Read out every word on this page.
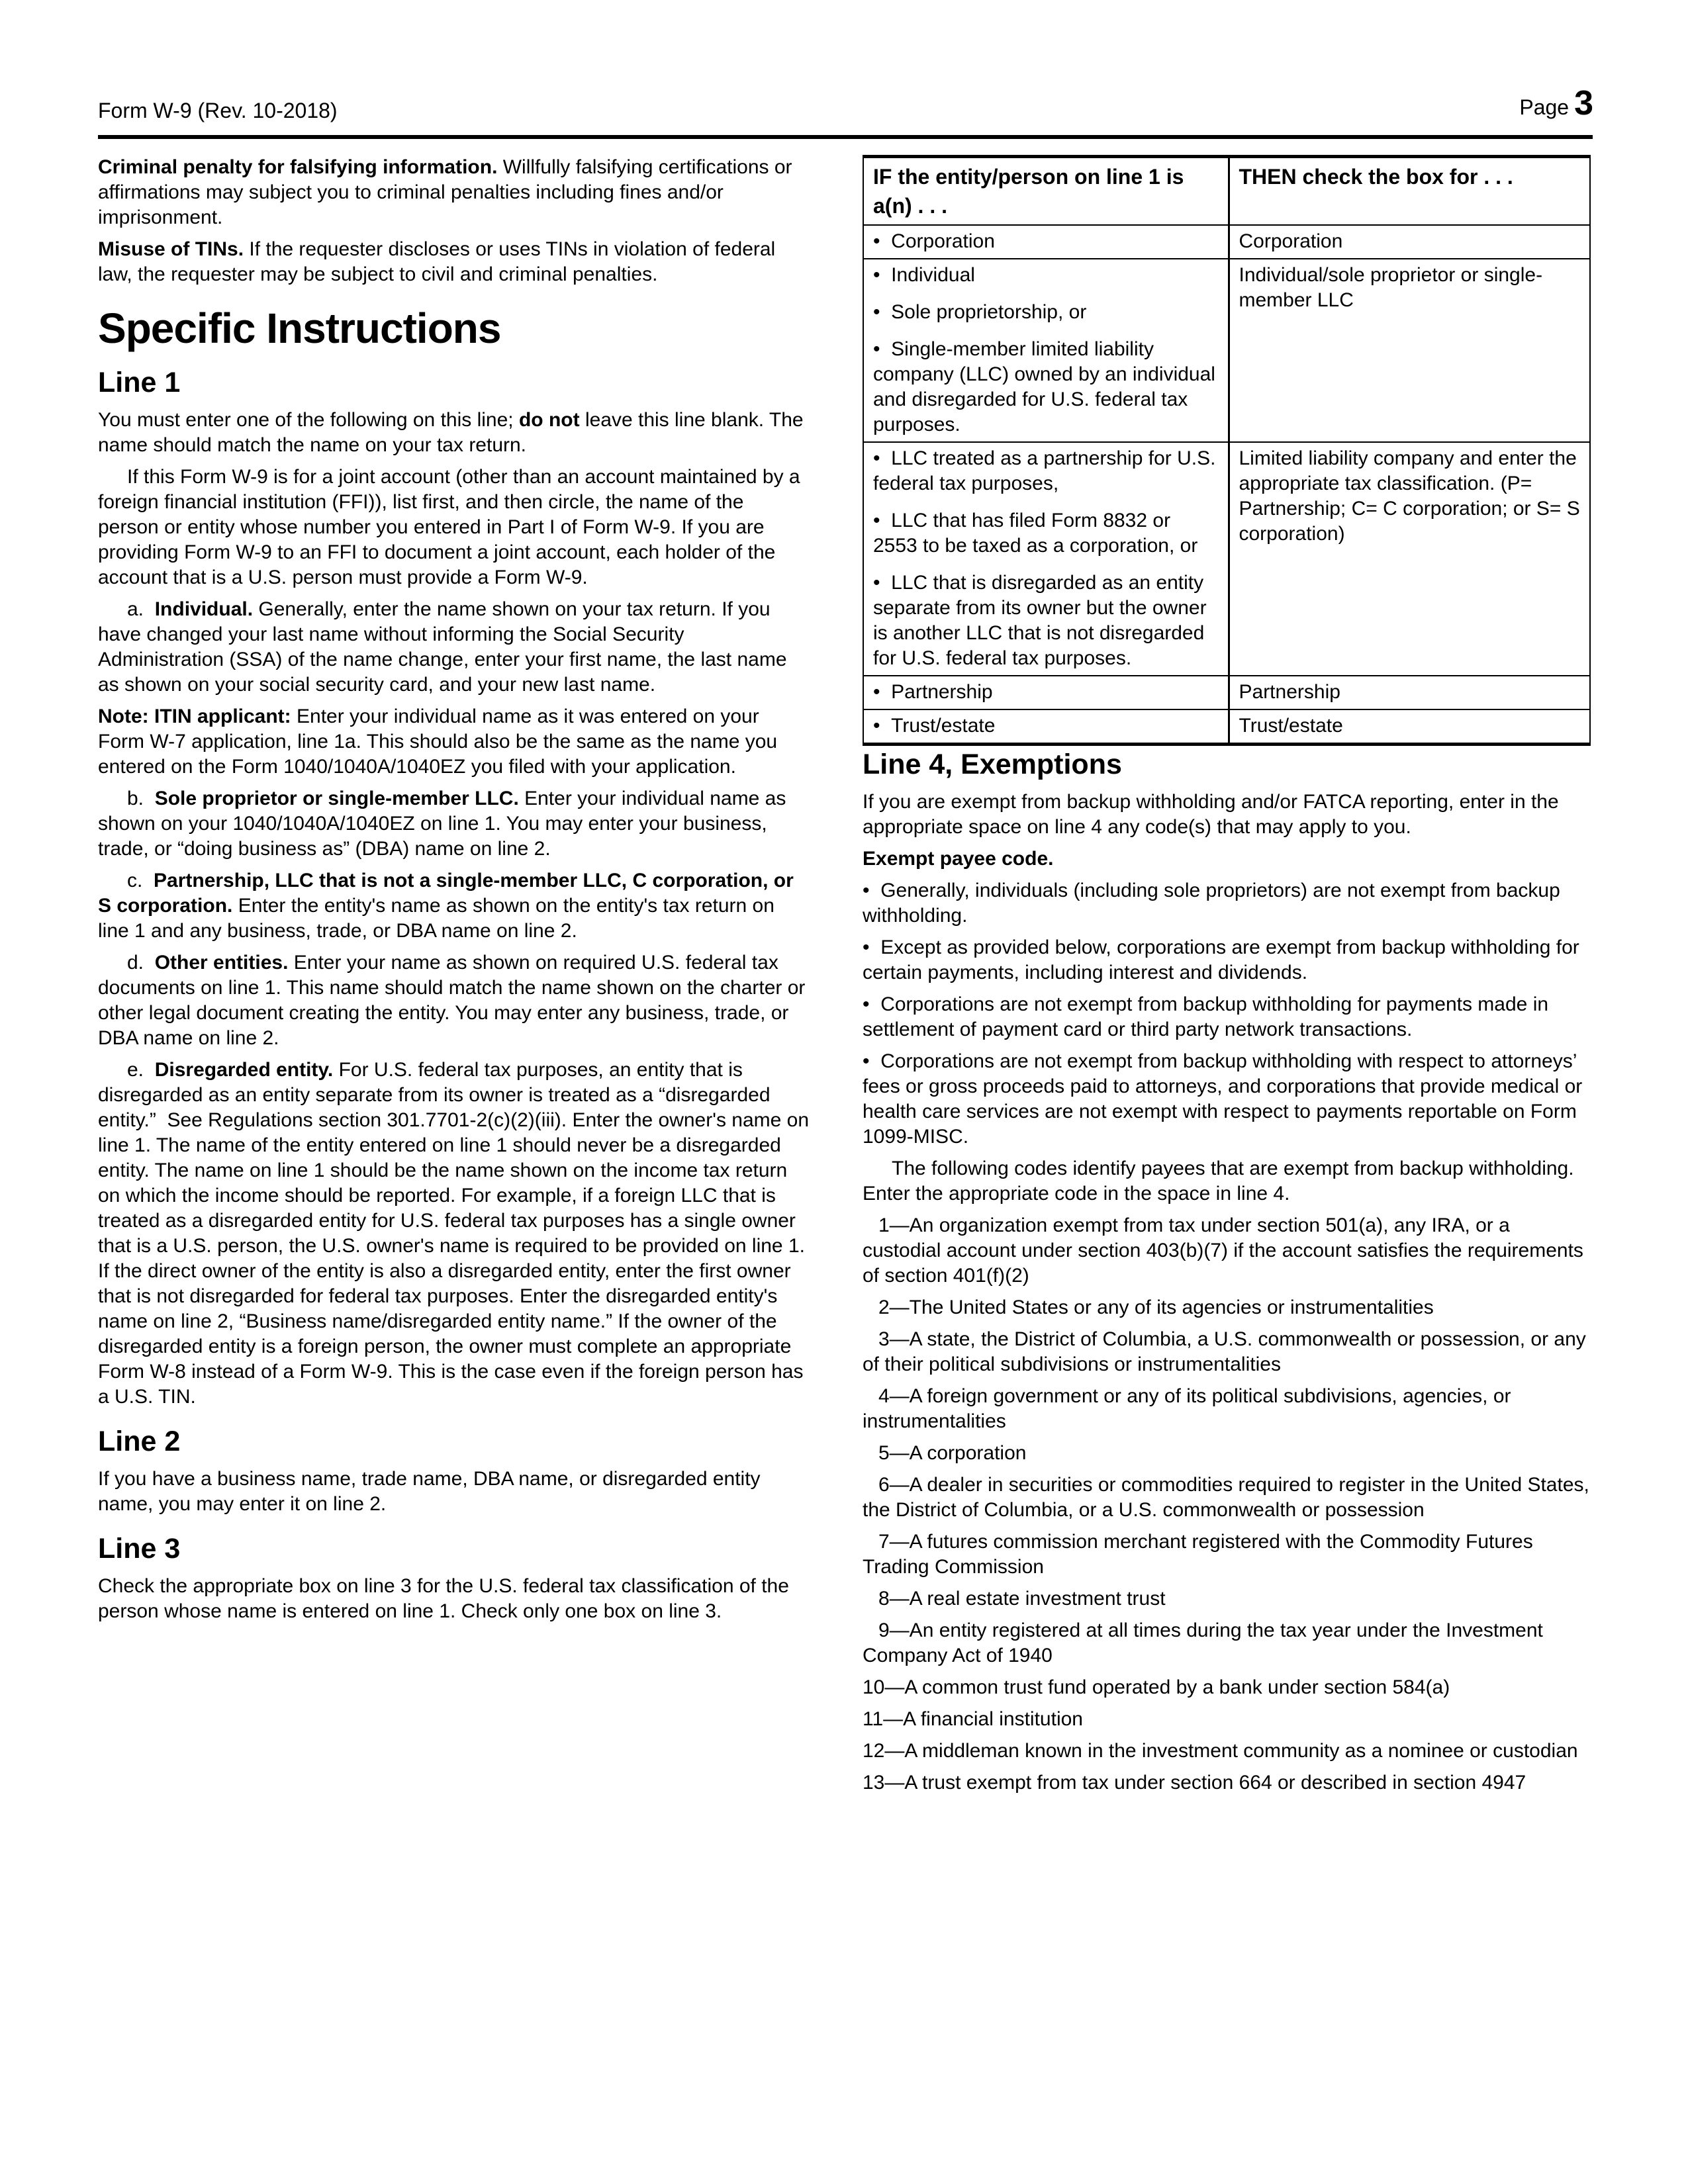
Form W-9 (Rev. 10-2018)	Page 3
Criminal penalty for falsifying information. Willfully falsifying certifications or affirmations may subject you to criminal penalties including fines and/or imprisonment.
Misuse of TINs. If the requester discloses or uses TINs in violation of federal law, the requester may be subject to civil and criminal penalties.
Specific Instructions
Line 1
You must enter one of the following on this line; do not leave this line blank. The name should match the name on your tax return.
If this Form W-9 is for a joint account (other than an account maintained by a foreign financial institution (FFI)), list first, and then circle, the name of the person or entity whose number you entered in Part I of Form W-9. If you are providing Form W-9 to an FFI to document a joint account, each holder of the account that is a U.S. person must provide a Form W-9.
a.  Individual. Generally, enter the name shown on your tax return. If you have changed your last name without informing the Social Security Administration (SSA) of the name change, enter your first name, the last name as shown on your social security card, and your new last name.
Note: ITIN applicant: Enter your individual name as it was entered on your Form W-7 application, line 1a. This should also be the same as the name you entered on the Form 1040/1040A/1040EZ you filed with your application.
b.  Sole proprietor or single-member LLC. Enter your individual name as shown on your 1040/1040A/1040EZ on line 1. You may enter your business, trade, or “doing business as” (DBA) name on line 2.
c.  Partnership, LLC that is not a single-member LLC, C corporation, or S corporation. Enter the entity's name as shown on the entity's tax return on line 1 and any business, trade, or DBA name on line 2.
d.  Other entities. Enter your name as shown on required U.S. federal tax documents on line 1. This name should match the name shown on the charter or other legal document creating the entity. You may enter any business, trade, or DBA name on line 2.
e.  Disregarded entity. For U.S. federal tax purposes, an entity that is disregarded as an entity separate from its owner is treated as a “disregarded entity.”  See Regulations section 301.7701-2(c)(2)(iii). Enter the owner's name on line 1. The name of the entity entered on line 1 should never be a disregarded entity. The name on line 1 should be the name shown on the income tax return on which the income should be reported. For example, if a foreign LLC that is treated as a disregarded entity for U.S. federal tax purposes has a single owner that is a U.S. person, the U.S. owner's name is required to be provided on line 1. If the direct owner of the entity is also a disregarded entity, enter the first owner that is not disregarded for federal tax purposes. Enter the disregarded entity's name on line 2, “Business name/disregarded entity name.” If the owner of the disregarded entity is a foreign person, the owner must complete an appropriate Form W-8 instead of a Form W-9. This is the case even if the foreign person has a U.S. TIN.
Line 2
If you have a business name, trade name, DBA name, or disregarded entity name, you may enter it on line 2.
Line 3
Check the appropriate box on line 3 for the U.S. federal tax classification of the person whose name is entered on line 1. Check only one box on line 3.
IF the entity/person on line 1 is a(n) . . .	THEN check the box for . . .

•  Corporation	Corporation

•  Individual
•  Sole proprietorship, or
•  Single-member limited liability company (LLC) owned by an individual and disregarded for U.S. federal tax purposes.	Individual/sole proprietor or single-member LLC

•  LLC treated as a partnership for U.S. federal tax purposes,
•  LLC that has filed Form 8832 or 2553 to be taxed as a corporation, or
•  LLC that is disregarded as an entity separate from its owner but the owner is another LLC that is not disregarded for U.S. federal tax purposes.	Limited liability company and enter the appropriate tax classification. (P= Partnership; C= C corporation; or S= S corporation)

•  Partnership	Partnership

•  Trust/estate	Trust/estate
Line 4, Exemptions
If you are exempt from backup withholding and/or FATCA reporting, enter in the appropriate space on line 4 any code(s) that may apply to you.
Exempt payee code.
•  Generally, individuals (including sole proprietors) are not exempt from backup withholding.
•  Except as provided below, corporations are exempt from backup withholding for certain payments, including interest and dividends.
•  Corporations are not exempt from backup withholding for payments made in settlement of payment card or third party network transactions.
•  Corporations are not exempt from backup withholding with respect to attorneys’ fees or gross proceeds paid to attorneys, and corporations that provide medical or health care services are not exempt with respect to payments reportable on Form 1099-MISC.
The following codes identify payees that are exempt from backup withholding. Enter the appropriate code in the space in line 4.
1—An organization exempt from tax under section 501(a), any IRA, or a custodial account under section 403(b)(7) if the account satisfies the requirements of section 401(f)(2)
2—The United States or any of its agencies or instrumentalities
3—A state, the District of Columbia, a U.S. commonwealth or possession, or any of their political subdivisions or instrumentalities
4—A foreign government or any of its political subdivisions, agencies, or instrumentalities
5—A corporation
6—A dealer in securities or commodities required to register in the United States, the District of Columbia, or a U.S. commonwealth or possession
7—A futures commission merchant registered with the Commodity Futures Trading Commission
8—A real estate investment trust
9—An entity registered at all times during the tax year under the Investment Company Act of 1940
10—A common trust fund operated by a bank under section 584(a)
11—A financial institution
12—A middleman known in the investment community as a nominee or custodian
13—A trust exempt from tax under section 664 or described in section 4947
